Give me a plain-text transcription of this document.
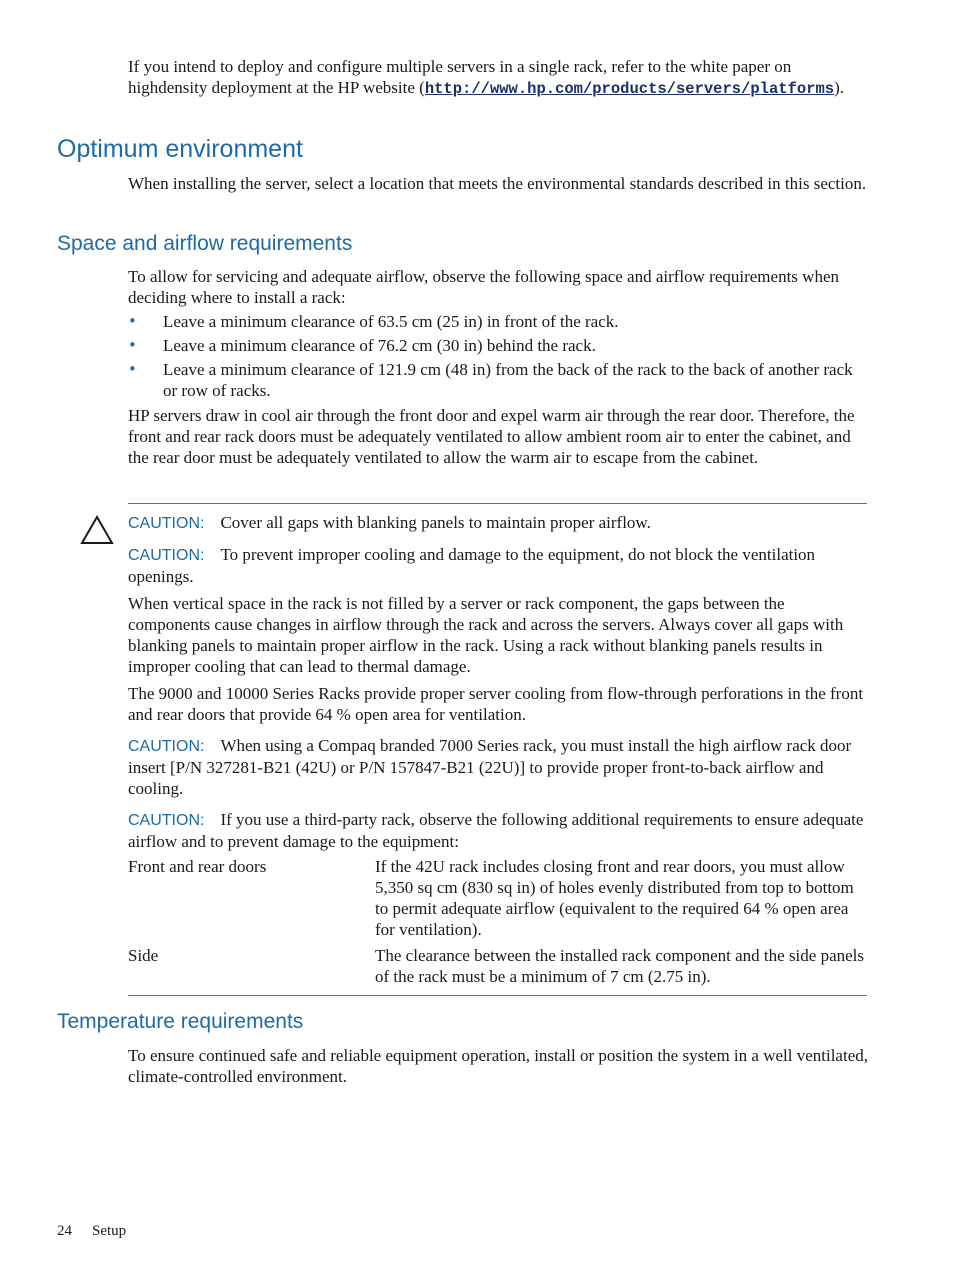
If you intend to deploy and configure multiple servers in a single rack, refer to the white paper on highdensity deployment at the HP website (http://www.hp.com/products/servers/platforms).

Optimum environment

When installing the server, select a location that meets the environmental standards described in this section.

Space and airflow requirements

To allow for servicing and adequate airflow, observe the following space and airflow requirements when deciding where to install a rack:

• Leave a minimum clearance of 63.5 cm (25 in) in front of the rack.
• Leave a minimum clearance of 76.2 cm (30 in) behind the rack.
• Leave a minimum clearance of 121.9 cm (48 in) from the back of the rack to the back of another rack or row of racks.

HP servers draw in cool air through the front door and expel warm air through the rear door. Therefore, the front and rear rack doors must be adequately ventilated to allow ambient room air to enter the cabinet, and the rear door must be adequately ventilated to allow the warm air to escape from the cabinet.

CAUTION: Cover all gaps with blanking panels to maintain proper airflow.

CAUTION: To prevent improper cooling and damage to the equipment, do not block the ventilation openings.

When vertical space in the rack is not filled by a server or rack component, the gaps between the components cause changes in airflow through the rack and across the servers. Always cover all gaps with blanking panels to maintain proper airflow in the rack. Using a rack without blanking panels results in improper cooling that can lead to thermal damage.

The 9000 and 10000 Series Racks provide proper server cooling from flow-through perforations in the front and rear doors that provide 64 % open area for ventilation.

CAUTION: When using a Compaq branded 7000 Series rack, you must install the high airflow rack door insert [P/N 327281-B21 (42U) or P/N 157847-B21 (22U)] to provide proper front-to-back airflow and cooling.

CAUTION: If you use a third-party rack, observe the following additional requirements to ensure adequate airflow and to prevent damage to the equipment:

Front and rear doors	If the 42U rack includes closing front and rear doors, you must allow 5,350 sq cm (830 sq in) of holes evenly distributed from top to bottom to permit adequate airflow (equivalent to the required 64 % open area for ventilation).
Side	The clearance between the installed rack component and the side panels of the rack must be a minimum of 7 cm (2.75 in).
Temperature requirements

To ensure continued safe and reliable equipment operation, install or position the system in a well ventilated, climate-controlled environment.

24 Setup
